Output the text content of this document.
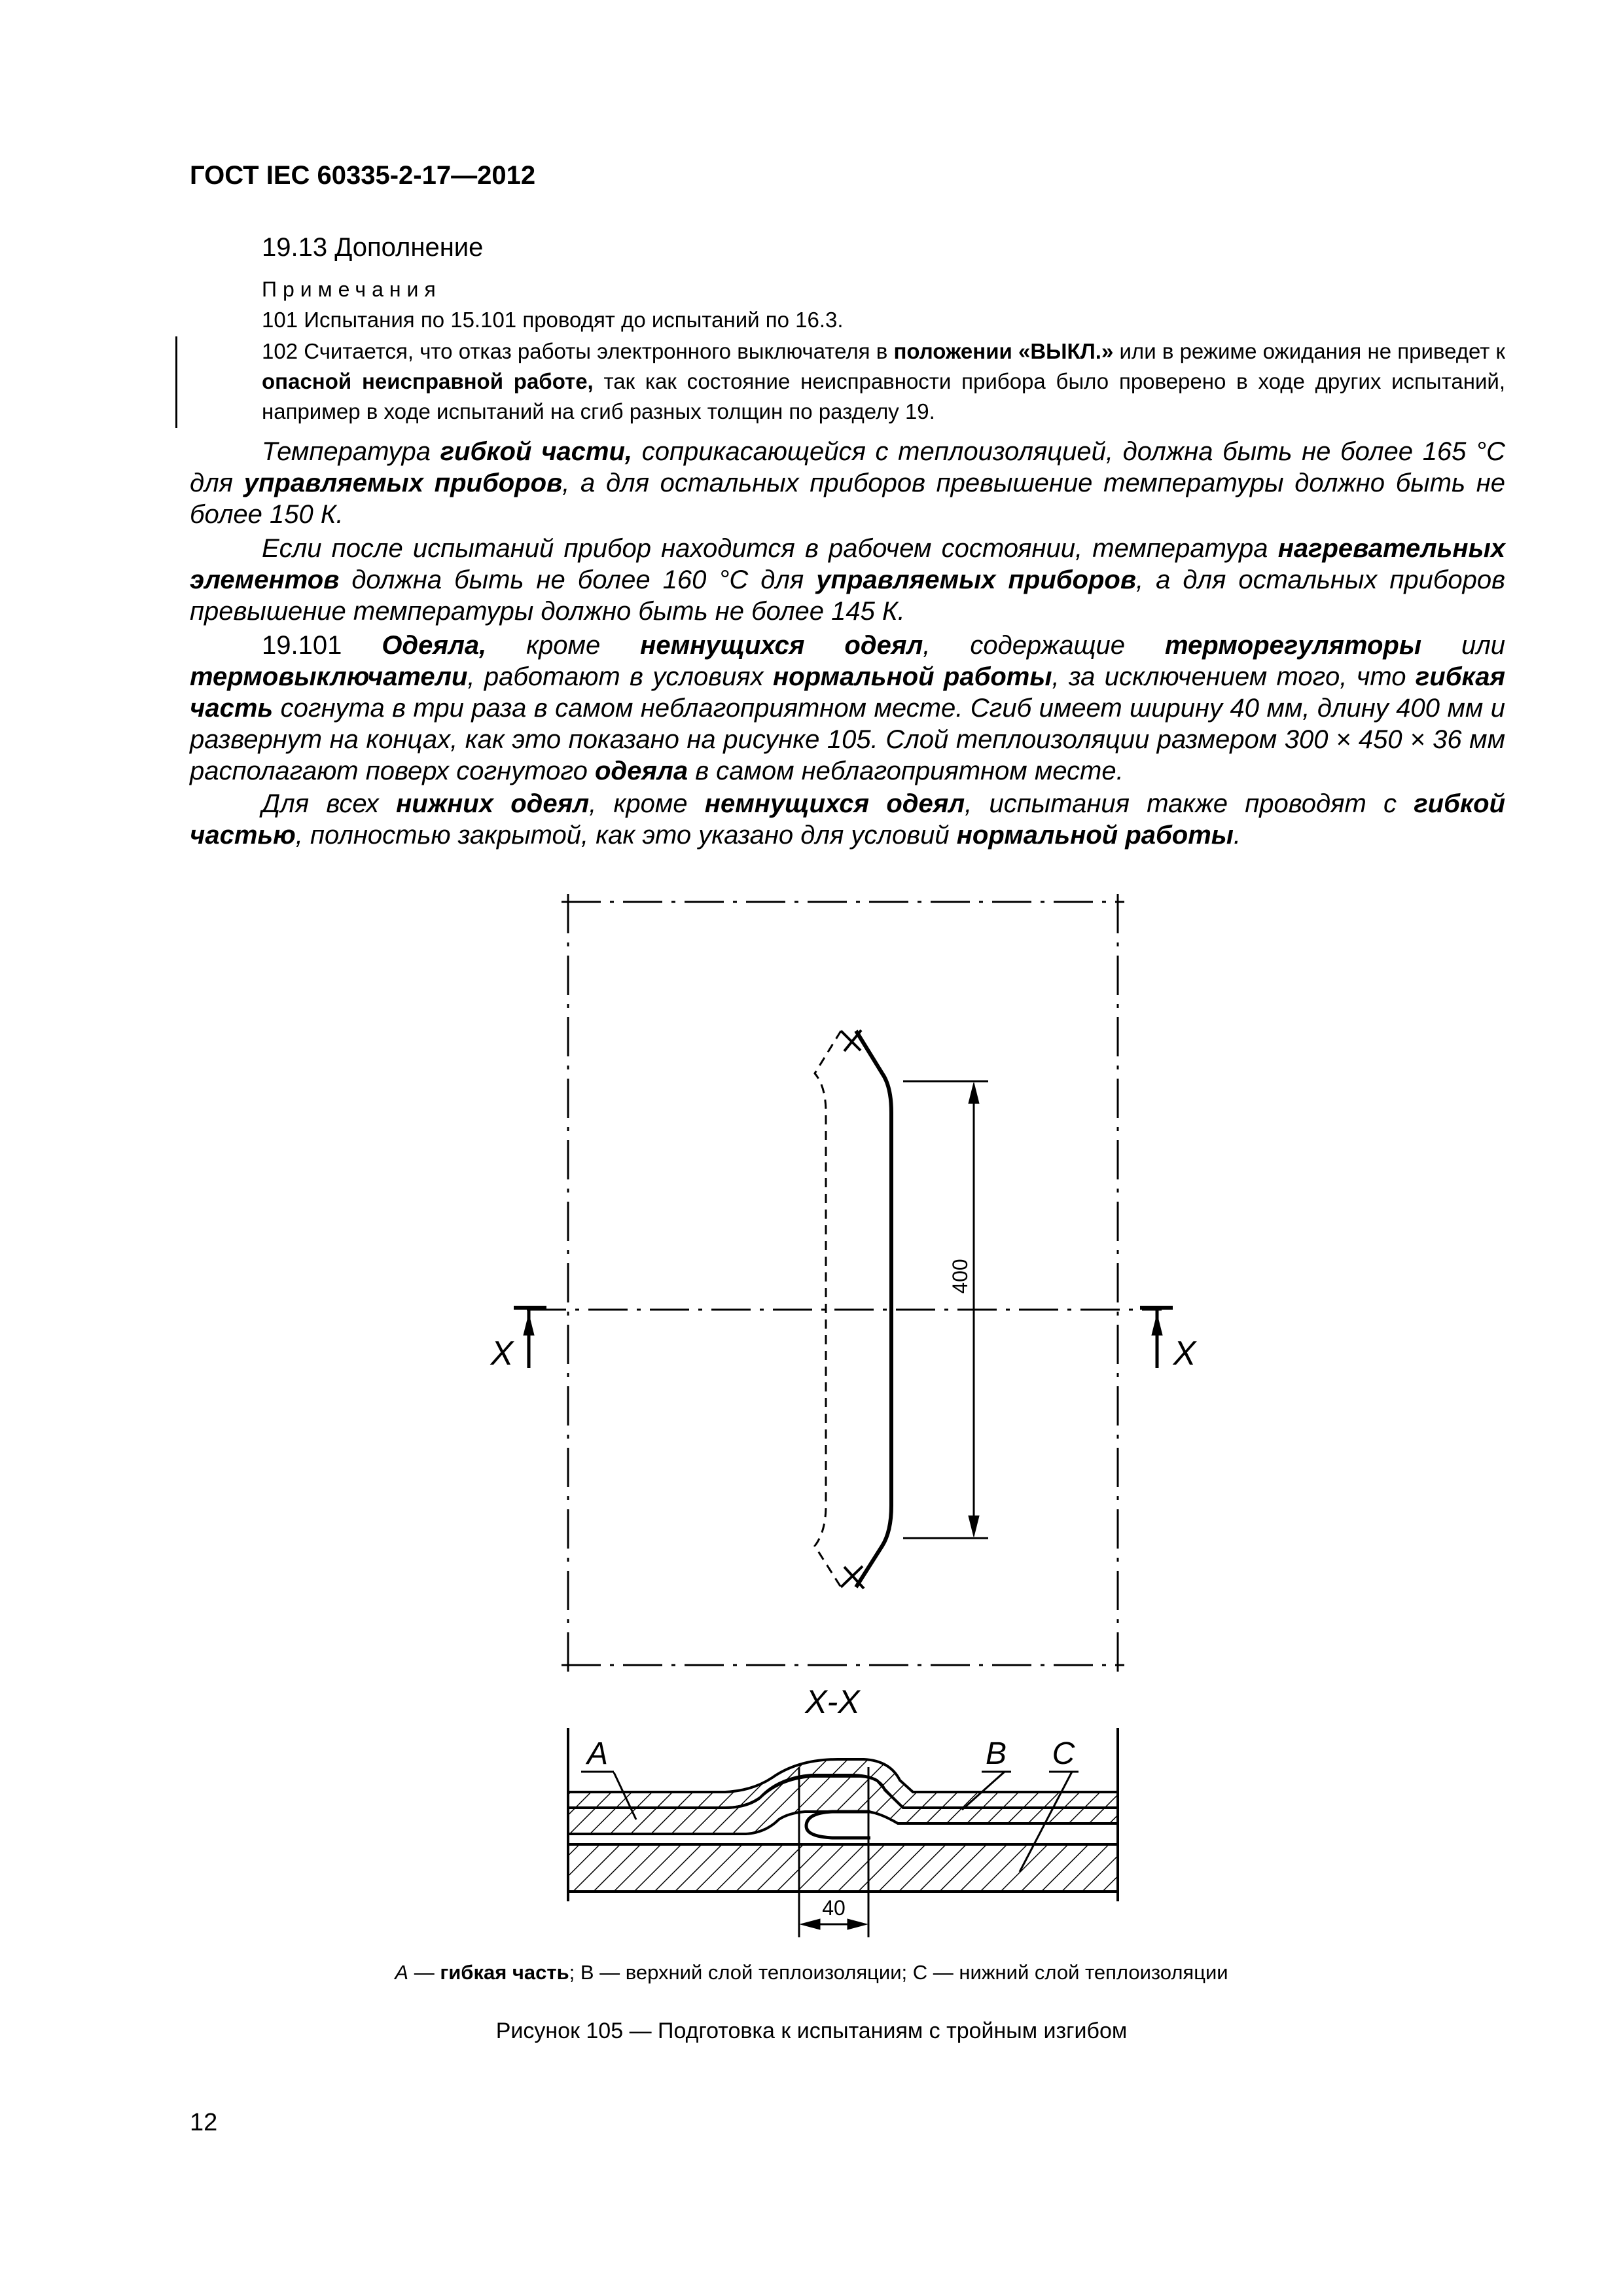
ГОСТ IEC 60335-2-17—2012
19.13 Дополнение
Примечания
101 Испытания по 15.101 проводят до испытаний по 16.3.
102 Считается, что отказ работы электронного выключателя в положении «ВЫКЛ.» или в режиме ожидания не приведет к опасной неисправной работе, так как состояние неисправности прибора было проверено в ходе других испытаний, например в ходе испытаний на сгиб разных толщин по разделу 19.
Температура гибкой части, соприкасающейся с теплоизоляцией, должна быть не более 165 °С для управляемых приборов, а для остальных приборов превышение температуры должно быть не более 150 К.
Если после испытаний прибор находится в рабочем состоянии, температура нагревательных элементов должна быть не более 160 °С для управляемых приборов, а для остальных приборов превышение температуры должно быть не более 145 К.
19.101 Одеяла, кроме немнущихся одеял, содержащие терморегуляторы или термовыключатели, работают в условиях нормальной работы, за исключением того, что гибкая часть согнута в три раза в самом неблагоприятном месте. Сгиб имеет ширину 40 мм, длину 400 мм и развернут на концах, как это показано на рисунке 105. Слой теплоизоляции размером 300 × 450 × 36 мм располагают поверх согнутого одеяла в самом неблагоприятном месте.
Для всех нижних одеял, кроме немнущихся одеял, испытания также проводят с гибкой частью, полностью закрытой, как это указано для условий нормальной работы.
400
X	X
X-X
A	B C
40
A — гибкая часть; B — верхний слой теплоизоляции; C — нижний слой теплоизоляции
Рисунок 105 — Подготовка к испытаниям с тройным изгибом
12
